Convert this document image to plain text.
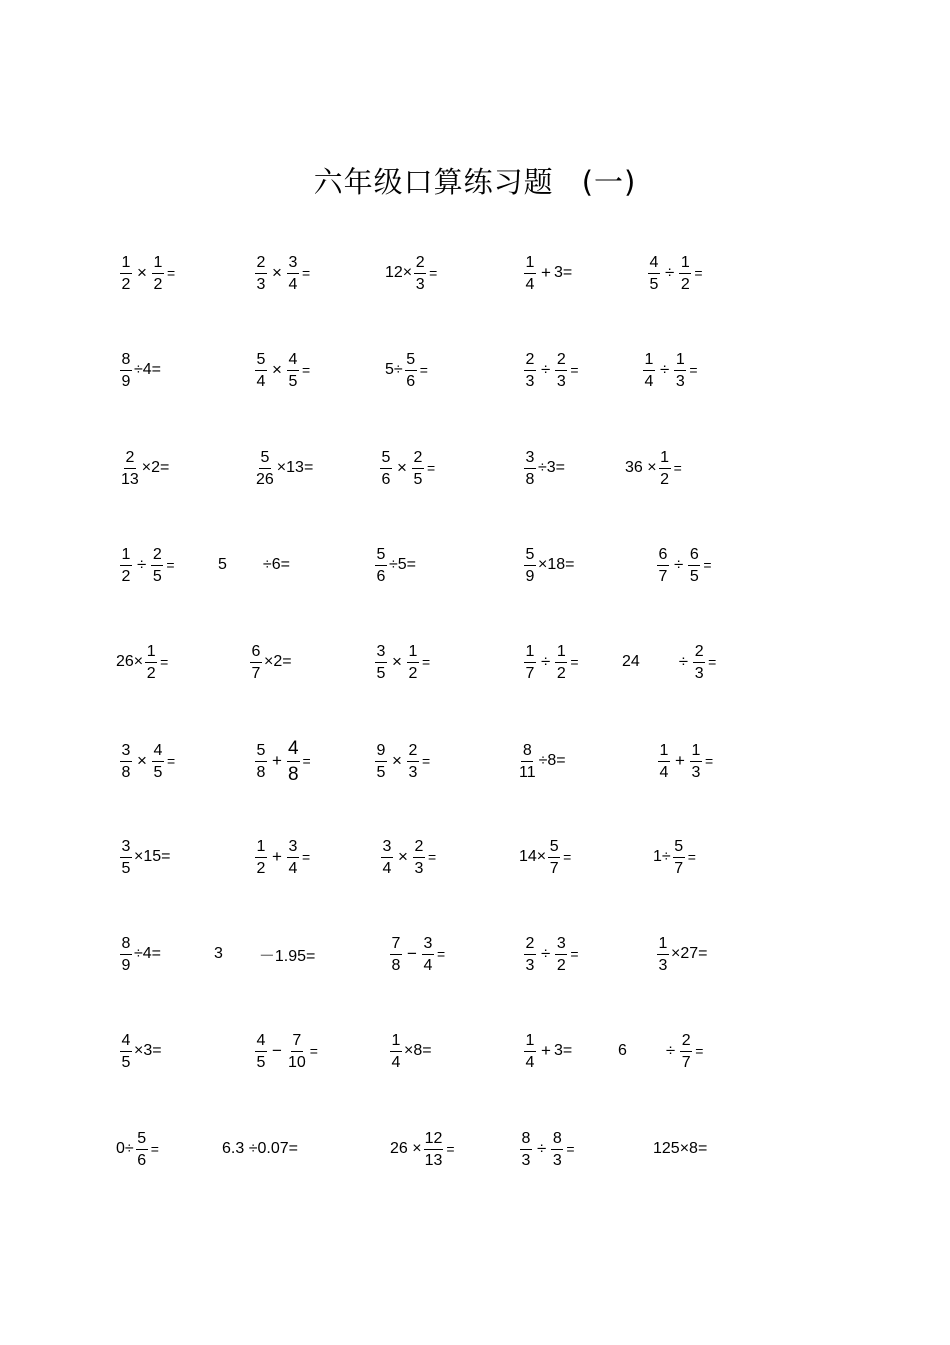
六年级口算练习题 (一)
$\frac{1}{2} \times \frac{1}{2}$ =	$\frac{2}{3} \times \frac{3}{4}$ =	$12\times \frac{2}{3}$ =	$\frac{1}{4} + 3=$	$\frac{4}{5} \div \frac{1}{2}$ =
$\frac{8}{9} \div 4=$	$\frac{5}{4} \times \frac{4}{5}$ =	$5\div \frac{5}{6}$ =	$\frac{2}{3} \div \frac{2}{3}$ =	$\frac{1}{4} \div \frac{1}{3}$ =
$\frac{2}{13} \times 2=$	$\frac{5}{26} \times 13=$	$\frac{5}{6} \times \frac{2}{5}$ =	$\frac{3}{8} \div 3=$	$36 \times \frac{1}{2}$ =
$\frac{1}{2} \div \frac{2}{5}$ =	5 ÷6=	$\frac{5}{6} \div 5=$	$\frac{5}{9} \times 18=$	$\frac{6}{7} \div \frac{6}{5}$ =
$26\times \frac{1}{2}$ =	$\frac{6}{7} \times 2=$	$\frac{3}{5} \times \frac{1}{2}$ =	$\frac{1}{7} \div \frac{1}{2}$ =	$24 \div \frac{2}{3}$ =
$\frac{3}{8} \times \frac{4}{5}$ =	$\frac{5}{8} + \frac{4}{8}$ =	$\frac{9}{5} \times \frac{2}{3}$ =	$\frac{8}{11} \div 8=$	$\frac{1}{4} + \frac{1}{3}$ =
$\frac{3}{5} \times 15=$	$\frac{1}{2} + \frac{3}{4}$ =	$\frac{3}{4} \times \frac{2}{3}$ =	$14\times \frac{5}{7}$ =	$1\div \frac{5}{7}$ =
$\frac{8}{9} \div 4=$	3 －1.95=	$\frac{7}{8} - \frac{3}{4}$ =	$\frac{2}{3} \div \frac{3}{2}$ =	$\frac{1}{3} \times 27=$
$\frac{4}{5} \times 3=$	$\frac{4}{5} - \frac{7}{10}$ =	$\frac{1}{4} \times 8=$	$\frac{1}{4} + 3=$	$6 \div \frac{2}{7}$ =
$0\div \frac{5}{6}$ =	6.3 ÷0.07=	$26 \times \frac{12}{13}$ =	$\frac{8}{3} \div \frac{8}{3}$ =	125×8=
